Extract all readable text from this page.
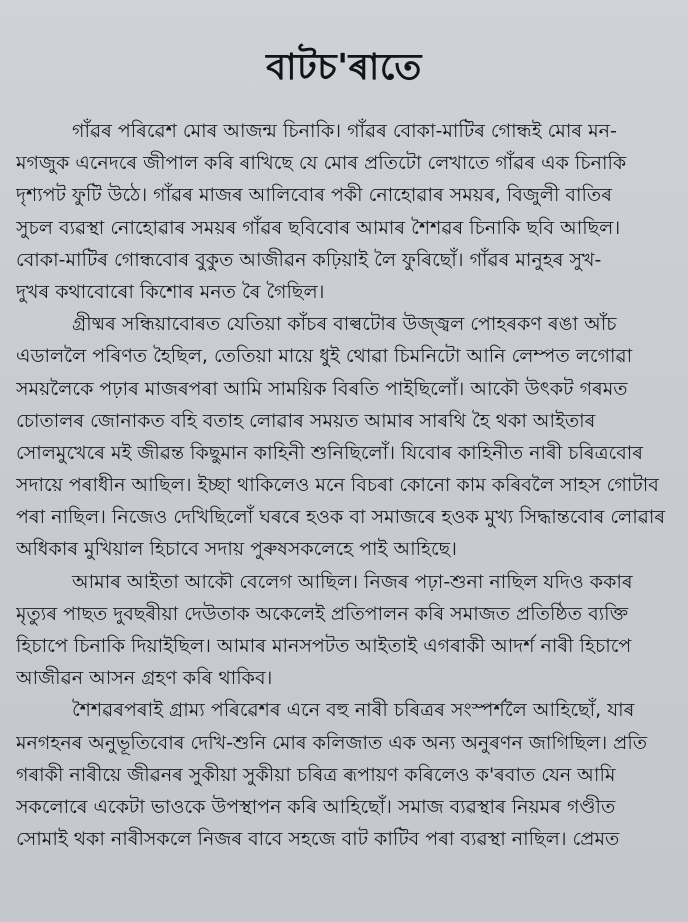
বাটচ'ৰাতে

গাঁৱৰ পৰিৱেশ মোৰ আজন্ম চিনাকি। গাঁৱৰ বোকা-মাটিৰ গোন্ধই মোৰ মন-
মগজুক এনেদৰে জীপাল কৰি ৰাখিছে যে মোৰ প্ৰতিটো লেখাতে গাঁৱৰ এক চিনাকি
দৃশ্যপট ফুটি উঠে। গাঁৱৰ মাজৰ আলিবোৰ পকী নোহোৱাৰ সময়ৰ, বিজুলী বাতিৰ
সুচল ব্যৱস্থা নোহোৱাৰ সময়ৰ গাঁৱৰ ছবিবোৰ আমাৰ শৈশৱৰ চিনাকি ছবি আছিল।
বোকা-মাটিৰ গোন্ধবোৰ বুকুত আজীৱন কঢ়িয়াই লৈ ফুৰিছোঁ। গাঁৱৰ মানুহৰ সুখ-
দুখৰ কথাবোৰো কিশোৰ মনত ৰৈ গৈছিল।

গ্ৰীষ্মৰ সন্ধিয়াবোৰত যেতিয়া কাঁচৰ বাল্বটোৰ উজ্জ্বল পোহৰকণ ৰঙা আঁচ
এডাললৈ পৰিণত হৈছিল, তেতিয়া মায়ে ধুই থোৱা চিমনিটো আনি লেম্পত লগোৱা
সময়লৈকে পঢ়াৰ মাজৰপৰা আমি সাময়িক বিৰতি পাইছিলোঁ। আকৌ উৎকট গৰমত
চোতালৰ জোনাকত বহি বতাহ লোৱাৰ সময়ত আমাৰ সাৰথি হৈ থকা আইতাৰ
সোলমুখেৰে মই জীৱন্ত কিছুমান কাহিনী শুনিছিলোঁ। যিবোৰ কাহিনীত নাৰী চৰিত্ৰবোৰ
সদায়ে পৰাধীন আছিল। ইচ্ছা থাকিলেও মনে বিচৰা কোনো কাম কৰিবলৈ সাহস গোটাব
পৰা নাছিল। নিজেও দেখিছিলোঁ ঘৰৰে হওক বা সমাজৰে হওক মুখ্য সিদ্ধান্তবোৰ লোৱাৰ
অধিকাৰ মুখিয়াল হিচাবে সদায় পুৰুষসকলেহে পাই আহিছে।

আমাৰ আইতা আকৌ বেলেগ আছিল। নিজৰ পঢ়া-শুনা নাছিল যদিও ককাৰ
মৃত্যুৰ পাছত দুবছৰীয়া দেউতাক অকেলেই প্ৰতিপালন কৰি সমাজত প্ৰতিষ্ঠিত ব্যক্তি
হিচাপে চিনাকি দিয়াইছিল। আমাৰ মানসপটত আইতাই এগৰাকী আদৰ্শ নাৰী হিচাপে
আজীৱন আসন গ্ৰহণ কৰি থাকিব।

শৈশৱৰপৰাই গ্ৰাম্য পৰিৱেশৰ এনে বহু নাৰী চৰিত্ৰৰ সংস্পৰ্শলৈ আহিছোঁ, যাৰ
মনগহনৰ অনুভূতিবোৰ দেখি-শুনি মোৰ কলিজাত এক অন্য অনুৰণন জাগিছিল। প্ৰতি
গৰাকী নাৰীয়ে জীৱনৰ সুকীয়া সুকীয়া চৰিত্ৰ ৰূপায়ণ কৰিলেও ক'ৰবাত যেন আমি
সকলোৰে একেটা ভাওকে উপস্থাপন কৰি আহিছোঁ। সমাজ ব্যৱস্থাৰ নিয়মৰ গণ্ডীত
সোমাই থকা নাৰীসকলে নিজৰ বাবে সহজে বাট কাটিব পৰা ব্যৱস্থা নাছিল। প্ৰেমত
